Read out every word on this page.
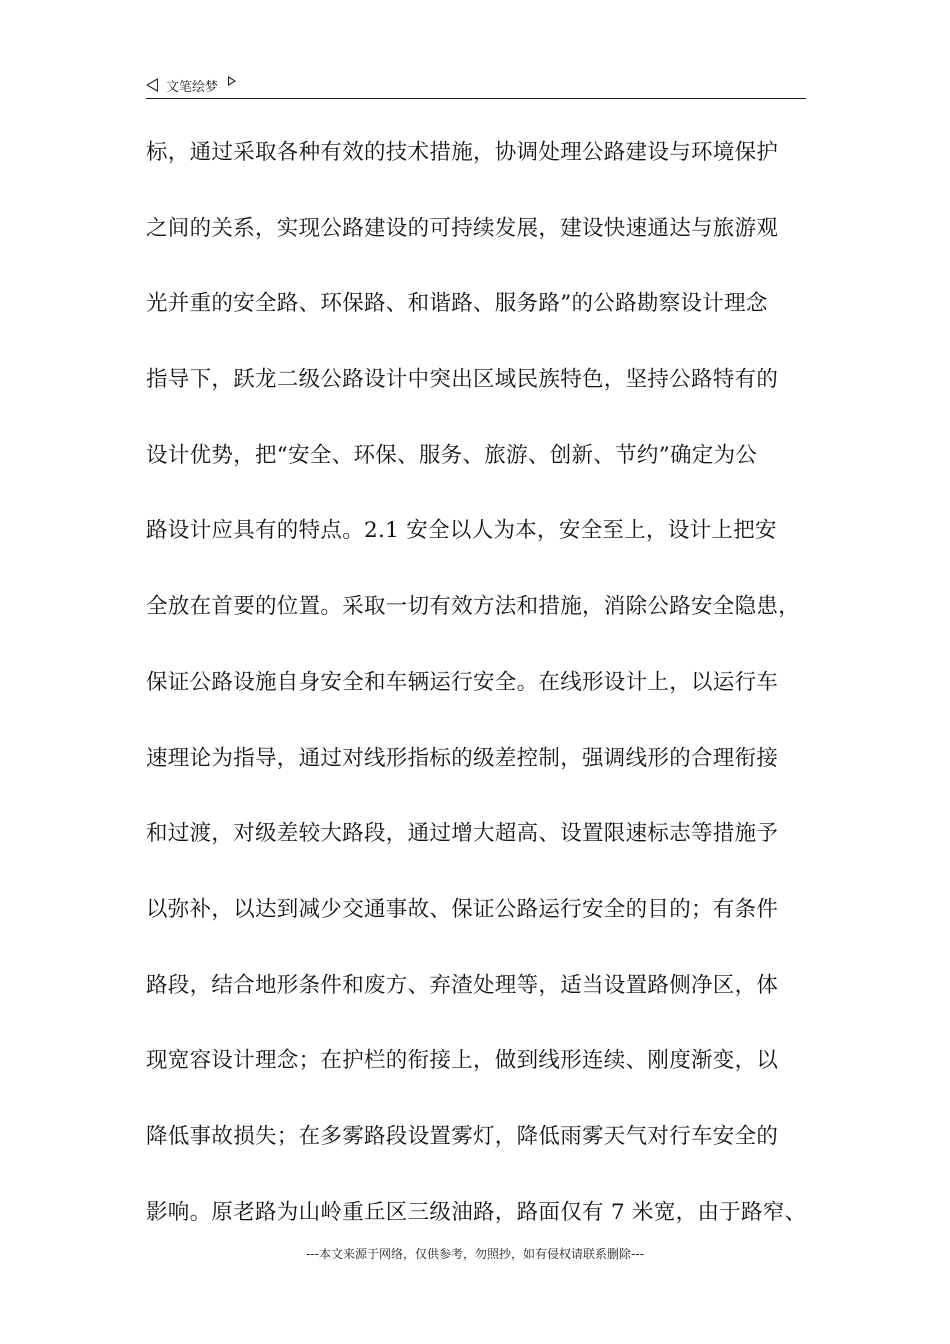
文笔绘梦
标，通过采取各种有效的技术措施，协调处理公路建设与环境保护
之间的关系，实现公路建设的可持续发展，建设快速通达与旅游观
光并重的安全路、环保路、和谐路、服务路”的公路勘察设计理念
指导下，跃龙二级公路设计中突出区域民族特色，坚持公路特有的
设计优势，把“安全、环保、服务、旅游、创新、节约”确定为公
路设计应具有的特点。2.1 安全以人为本，安全至上，设计上把安
全放在首要的位置。采取一切有效方法和措施，消除公路安全隐患，
保证公路设施自身安全和车辆运行安全。在线形设计上，以运行车
速理论为指导，通过对线形指标的级差控制，强调线形的合理衔接
和过渡，对级差较大路段，通过增大超高、设置限速标志等措施予
以弥补，以达到减少交通事故、保证公路运行安全的目的；有条件
路段，结合地形条件和废方、弃渣处理等，适当设置路侧净区，体
现宽容设计理念；在护栏的衔接上，做到线形连续、刚度渐变，以
降低事故损失；在多雾路段设置雾灯，降低雨雾天气对行车安全的
影响。原老路为山岭重丘区三级油路，路面仅有 7 米宽，由于路窄、
---本文来源于网络，仅供参考，勿照抄，如有侵权请联系删除---
